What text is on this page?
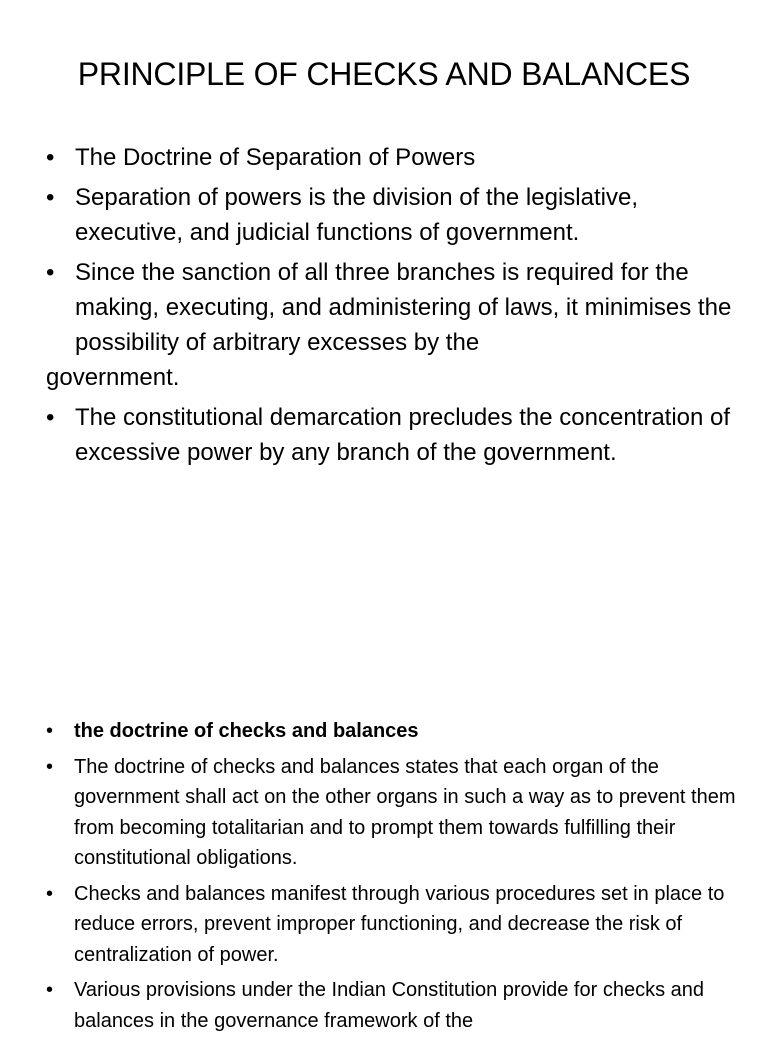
PRINCIPLE OF CHECKS AND BALANCES
• The Doctrine of Separation of Powers
• Separation of powers is the division of the legislative, executive, and judicial functions of government.
• Since the sanction of all three branches is required for the making, executing, and administering of laws, it minimises the possibility of arbitrary excesses by the
government.
• The constitutional demarcation precludes the concentration of excessive power by any branch of the government.
• the doctrine of checks and balances
• The doctrine of checks and balances states that each organ of the government shall act on the other organs in such a way as to prevent them from becoming totalitarian and to prompt them towards fulfilling their constitutional obligations.
• Checks and balances manifest through various procedures set in place to reduce errors, prevent improper functioning, and decrease the risk of centralization of power.
• Various provisions under the Indian Constitution provide for checks and balances in the governance framework of the
